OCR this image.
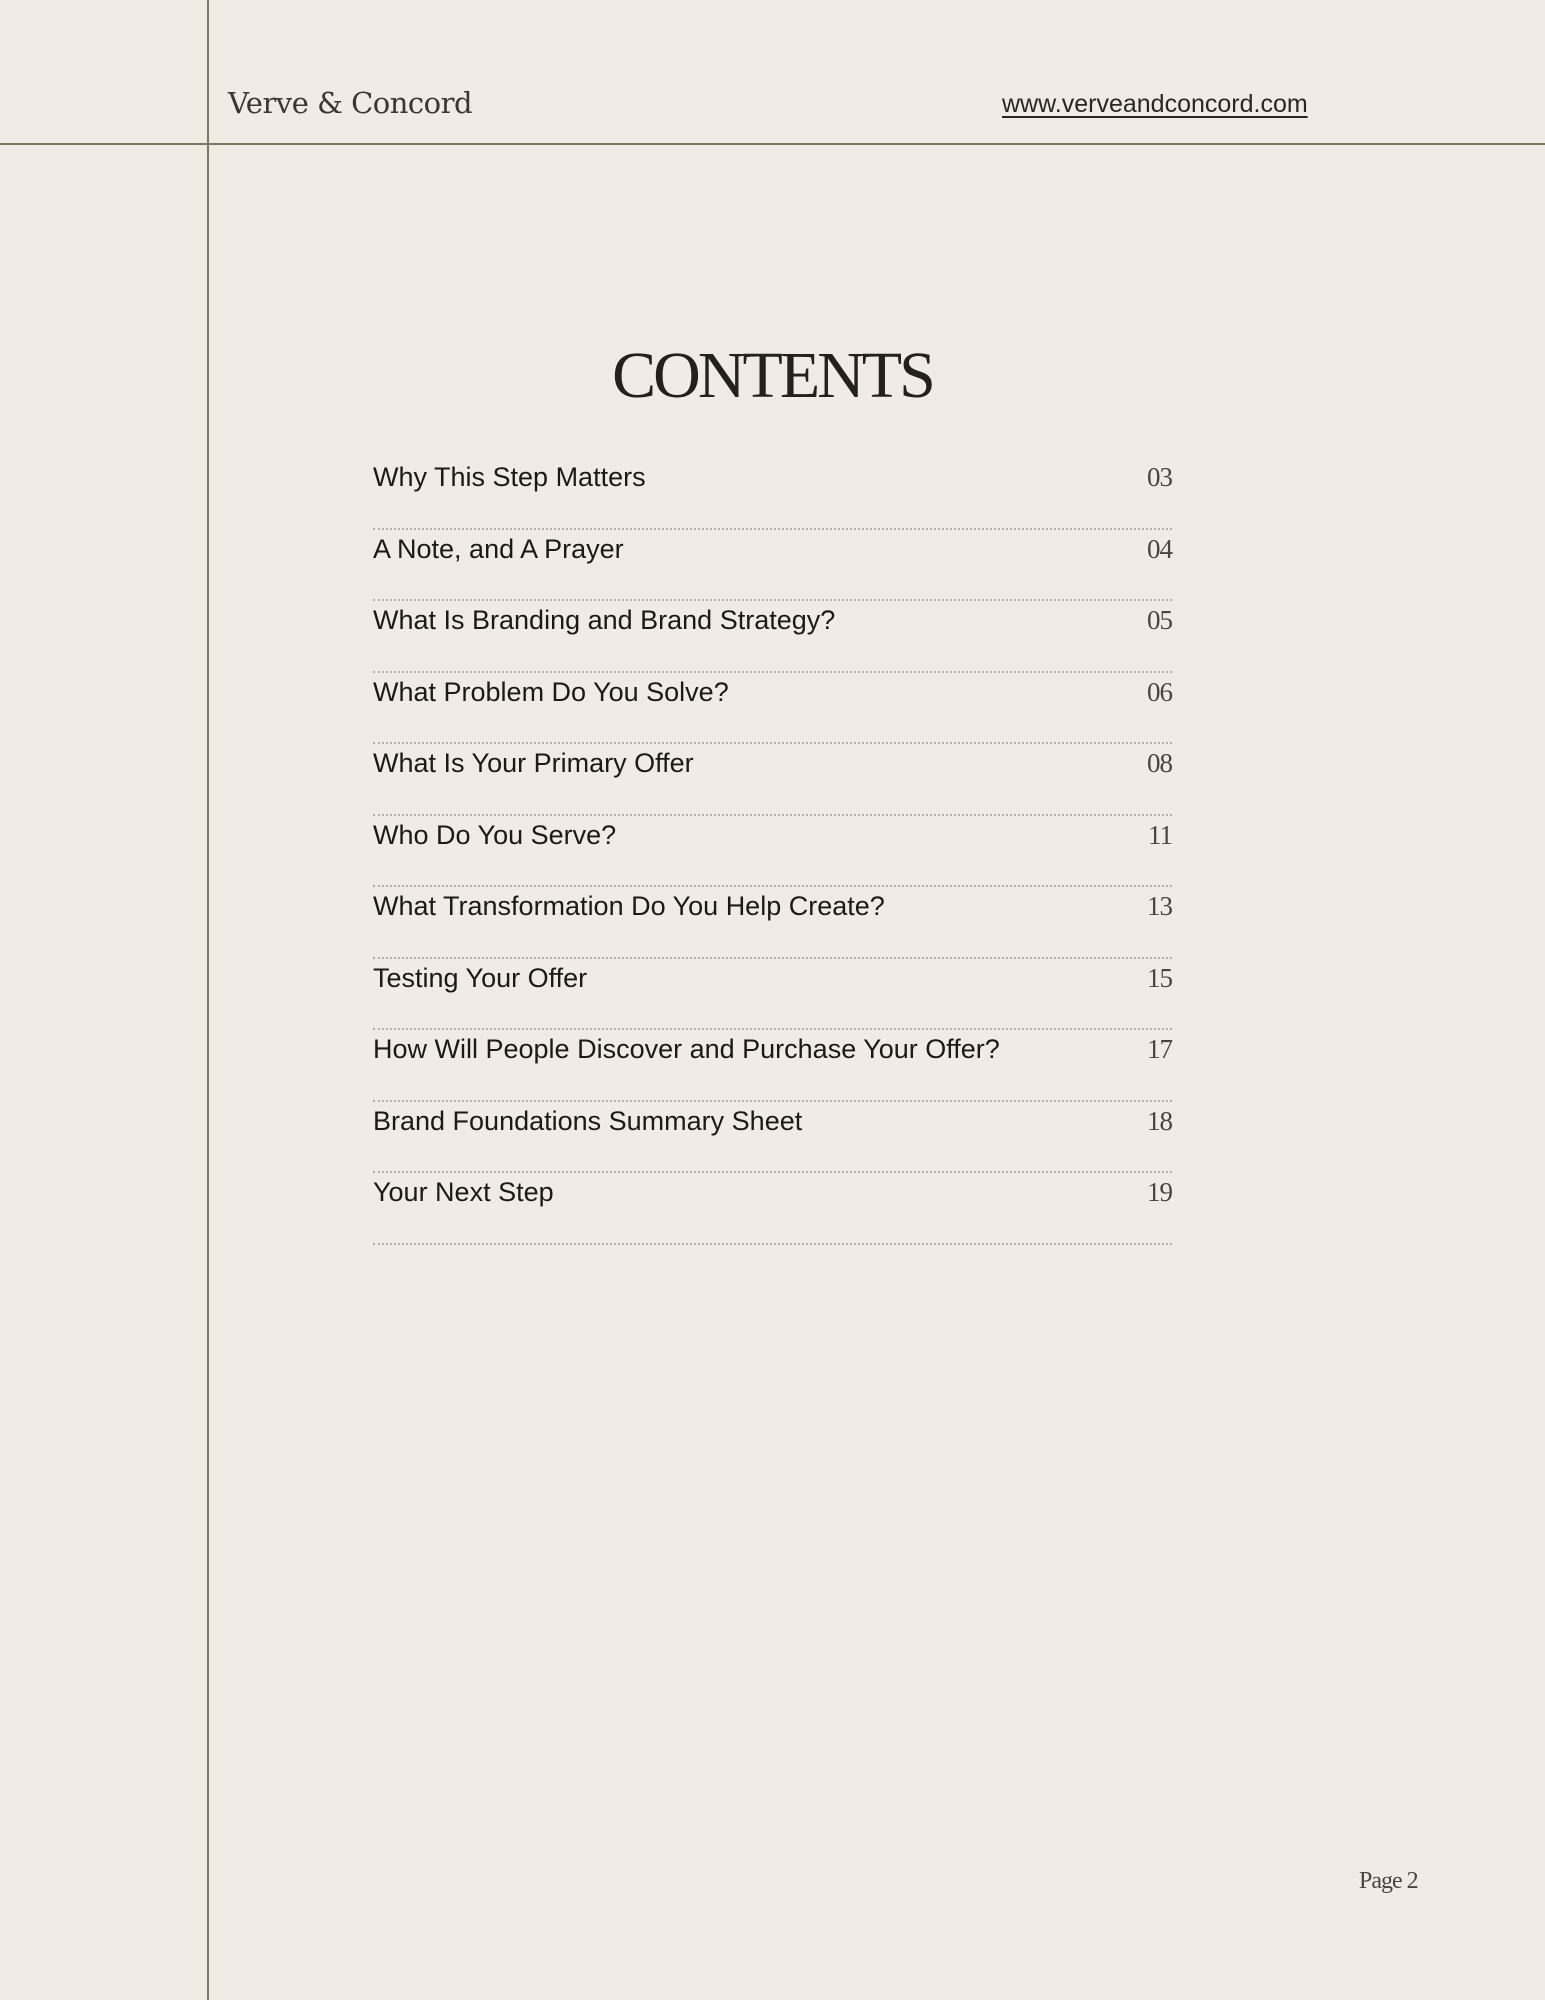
Verve & Concord	www.verveandconcord.com
CONTENTS
Why This Step Matters	03
A Note, and A Prayer	04
What Is Branding and Brand Strategy?	05
What Problem Do You Solve?	06
What Is Your Primary Offer	08
Who Do You Serve?	11
What Transformation Do You Help Create?	13
Testing Your Offer	15
How Will People Discover and Purchase Your Offer?	17
Brand Foundations Summary Sheet	18
Your Next Step	19
Page 2
